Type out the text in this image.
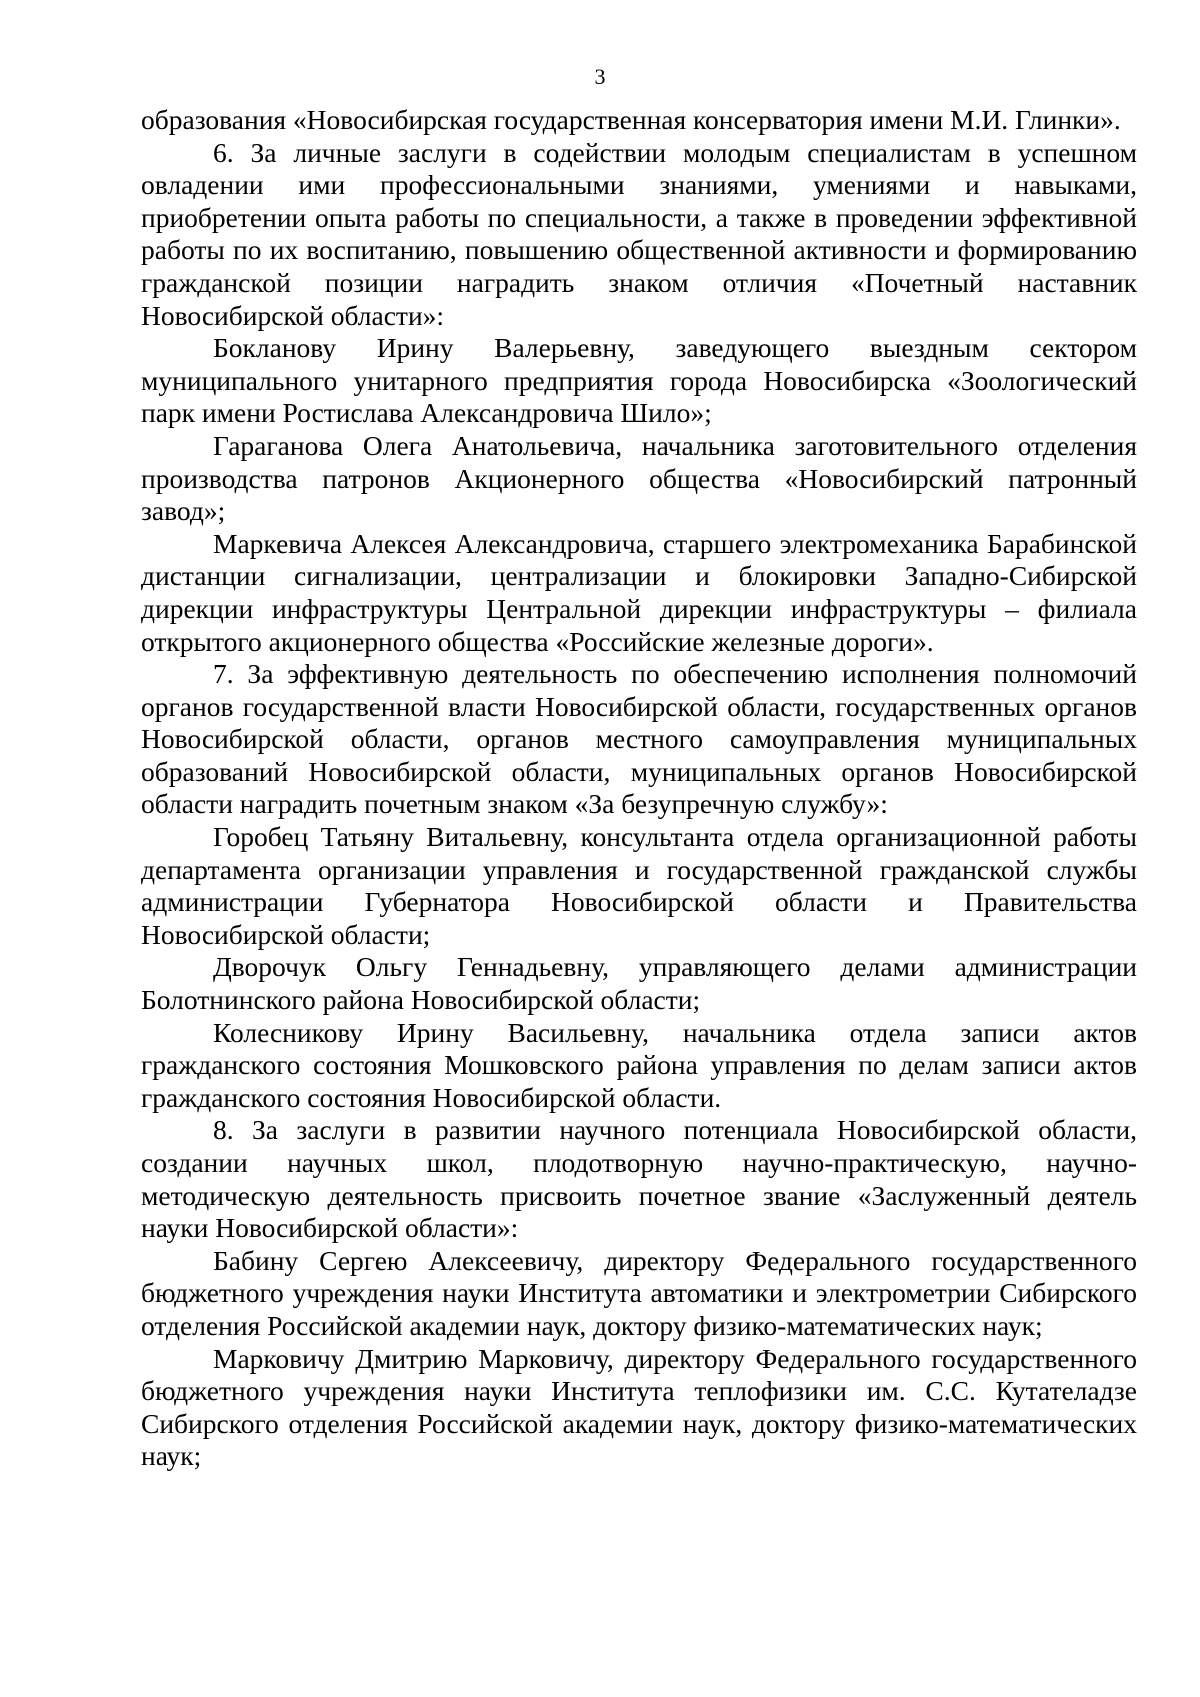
3

образования «Новосибирская государственная консерватория имени М.И. Глинки».

6. За личные заслуги в содействии молодым специалистам в успешном овладении ими профессиональными знаниями, умениями и навыками, приобретении опыта работы по специальности, а также в проведении эффективной работы по их воспитанию, повышению общественной активности и формированию гражданской позиции наградить знаком отличия «Почетный наставник Новосибирской области»:

Бокланову Ирину Валерьевну, заведующего выездным сектором муниципального унитарного предприятия города Новосибирска «Зоологический парк имени Ростислава Александровича Шило»;

Гараганова Олега Анатольевича, начальника заготовительного отделения производства патронов Акционерного общества «Новосибирский патронный завод»;

Маркевича Алексея Александровича, старшего электромеханика Барабинской дистанции сигнализации, централизации и блокировки Западно-Сибирской дирекции инфраструктуры Центральной дирекции инфраструктуры – филиала открытого акционерного общества «Российские железные дороги».

7. За эффективную деятельность по обеспечению исполнения полномочий органов государственной власти Новосибирской области, государственных органов Новосибирской области, органов местного самоуправления муниципальных образований Новосибирской области, муниципальных органов Новосибирской области наградить почетным знаком «За безупречную службу»:

Горобец Татьяну Витальевну, консультанта отдела организационной работы департамента организации управления и государственной гражданской службы администрации Губернатора Новосибирской области и Правительства Новосибирской области;

Дворочук Ольгу Геннадьевну, управляющего делами администрации Болотнинского района Новосибирской области;

Колесникову Ирину Васильевну, начальника отдела записи актов гражданского состояния Мошковского района управления по делам записи актов гражданского состояния Новосибирской области.

8. За заслуги в развитии научного потенциала Новосибирской области, создании научных школ, плодотворную научно-практическую, научно-методическую деятельность присвоить почетное звание «Заслуженный деятель науки Новосибирской области»:

Бабину Сергею Алексеевичу, директору Федерального государственного бюджетного учреждения науки Института автоматики и электрометрии Сибирского отделения Российской академии наук, доктору физико-математических наук;

Марковичу Дмитрию Марковичу, директору Федерального государственного бюджетного учреждения науки Института теплофизики им. С.С. Кутателадзе Сибирского отделения Российской академии наук, доктору физико-математических наук;
